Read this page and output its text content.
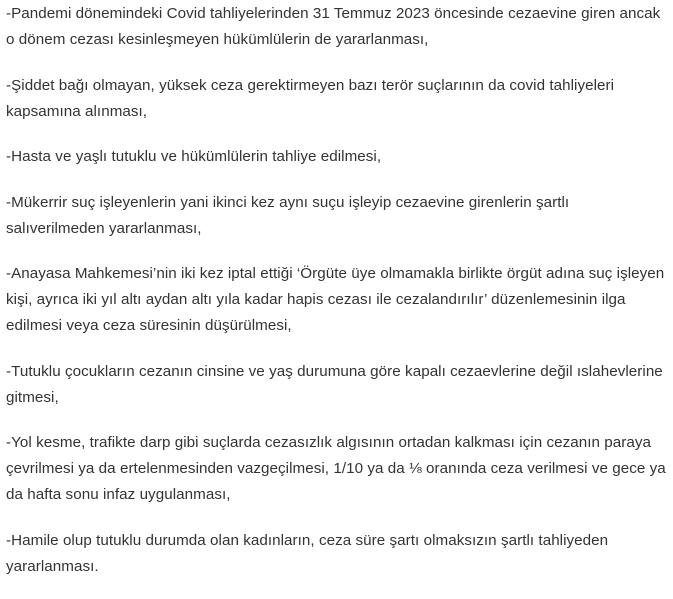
-Pandemi dönemindeki Covid tahliyelerinden 31 Temmuz 2023 öncesinde cezaevine giren ancak o dönem cezası kesinleşmeyen hükümlülerin de yararlanması,

-Şiddet bağı olmayan, yüksek ceza gerektirmeyen bazı terör suçlarının da covid tahliyeleri kapsamına alınması,

-Hasta ve yaşlı tutuklu ve hükümlülerin tahliye edilmesi,

-Mükerrir suç işleyenlerin yani ikinci kez aynı suçu işleyip cezaevine girenlerin şartlı salıverilmeden yararlanması,

-Anayasa Mahkemesi’nin iki kez iptal ettiği ‘Örgüte üye olmamakla birlikte örgüt adına suç işleyen kişi, ayrıca iki yıl altı aydan altı yıla kadar hapis cezası ile cezalandırılır’ düzenlemesinin ilga edilmesi veya ceza süresinin düşürülmesi,

-Tutuklu çocukların cezanın cinsine ve yaş durumuna göre kapalı cezaevlerine değil ıslahevlerine gitmesi,

-Yol kesme, trafikte darp gibi suçlarda cezasızlık algısının ortadan kalkması için cezanın paraya çevrilmesi ya da ertelenmesinden vazgeçilmesi, 1/10 ya da ⅛ oranında ceza verilmesi ve gece ya da hafta sonu infaz uygulanması,

-Hamile olup tutuklu durumda olan kadınların, ceza süre şartı olmaksızın şartlı tahliyeden yararlanması.
